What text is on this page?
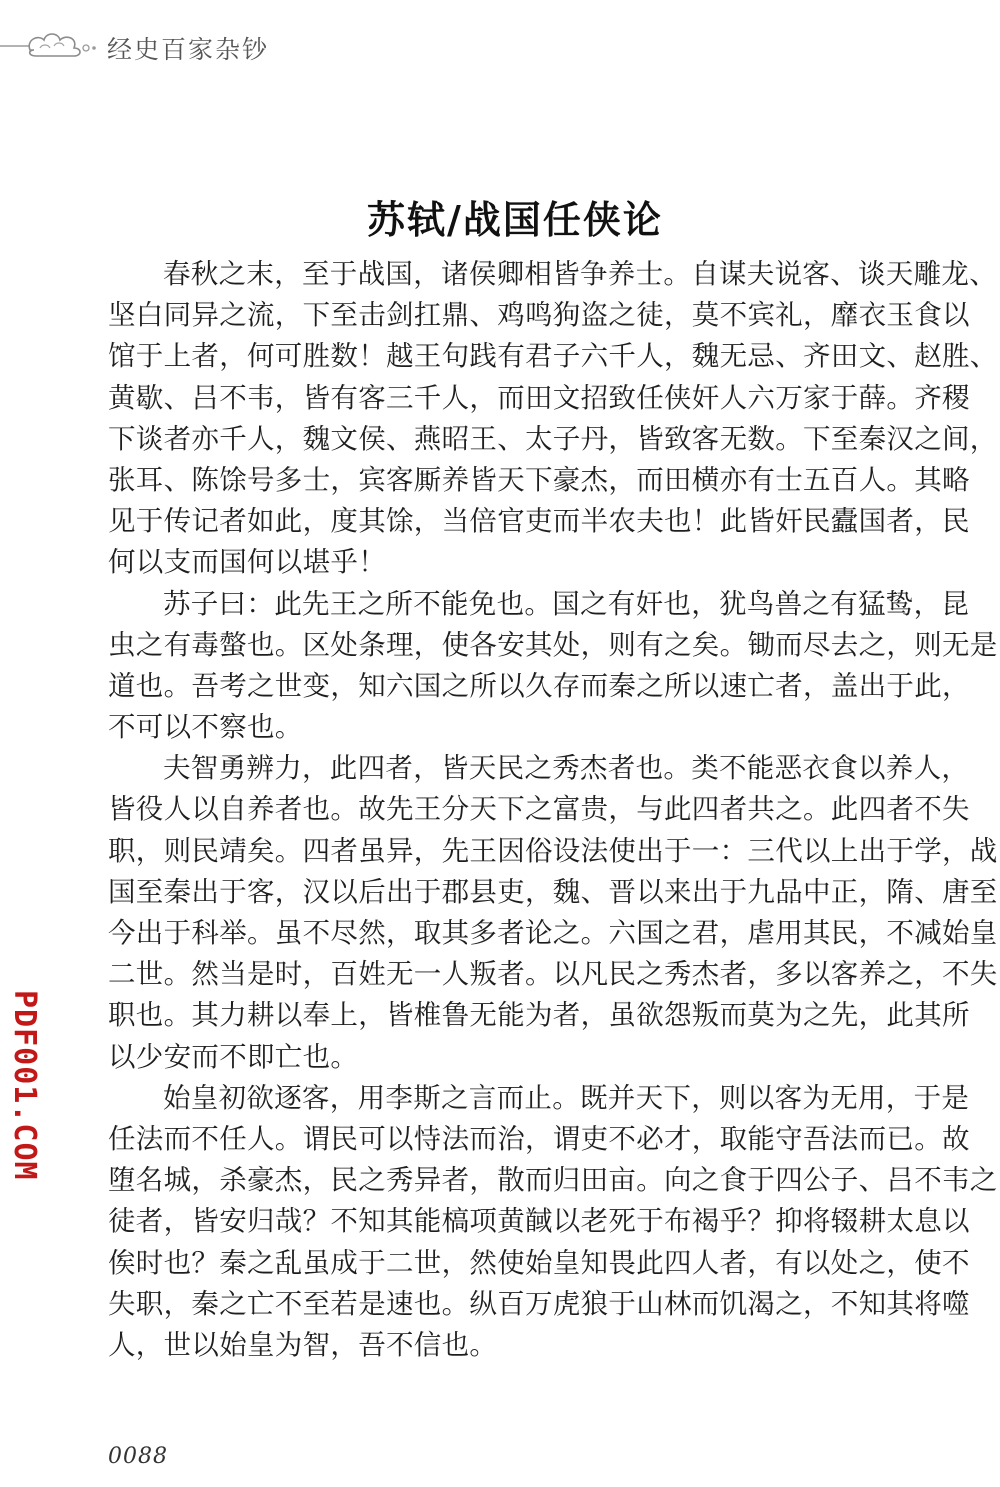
经史百家杂钞
苏轼/战国任侠论
春秋之末，至于战国，诸侯卿相皆争养士。自谋夫说客、谈天雕龙、
坚白同异之流，下至击剑扛鼎、鸡鸣狗盗之徒，莫不宾礼，靡衣玉食以
馆于上者，何可胜数！越王句践有君子六千人，魏无忌、齐田文、赵胜、
黄歇、吕不韦，皆有客三千人，而田文招致任侠奸人六万家于薛。齐稷
下谈者亦千人，魏文侯、燕昭王、太子丹，皆致客无数。下至秦汉之间，
张耳、陈馀号多士，宾客厮养皆天下豪杰，而田横亦有士五百人。其略
见于传记者如此，度其馀，当倍官吏而半农夫也！此皆奸民蠹国者，民
何以支而国何以堪乎！
苏子曰：此先王之所不能免也。国之有奸也，犹鸟兽之有猛鸷，昆
虫之有毒螫也。区处条理，使各安其处，则有之矣。锄而尽去之，则无是
道也。吾考之世变，知六国之所以久存而秦之所以速亡者，盖出于此，
不可以不察也。
夫智勇辨力，此四者，皆天民之秀杰者也。类不能恶衣食以养人，
皆役人以自养者也。故先王分天下之富贵，与此四者共之。此四者不失
职，则民靖矣。四者虽异，先王因俗设法使出于一：三代以上出于学，战
国至秦出于客，汉以后出于郡县吏，魏、晋以来出于九品中正，隋、唐至
今出于科举。虽不尽然，取其多者论之。六国之君，虐用其民，不减始皇
二世。然当是时，百姓无一人叛者。以凡民之秀杰者，多以客养之，不失
职也。其力耕以奉上，皆椎鲁无能为者，虽欲怨叛而莫为之先，此其所
以少安而不即亡也。
始皇初欲逐客，用李斯之言而止。既并天下，则以客为无用，于是
任法而不任人。谓民可以恃法而治，谓吏不必才，取能守吾法而已。故
堕名城，杀豪杰，民之秀异者，散而归田亩。向之食于四公子、吕不韦之
徒者，皆安归哉？不知其能槁项黄馘以老死于布褐乎？抑将辍耕太息以
俟时也？秦之乱虽成于二世，然使始皇知畏此四人者，有以处之，使不
失职，秦之亡不至若是速也。纵百万虎狼于山林而饥渴之，不知其将噬
人，世以始皇为智，吾不信也。
PDF001.COM
0088
